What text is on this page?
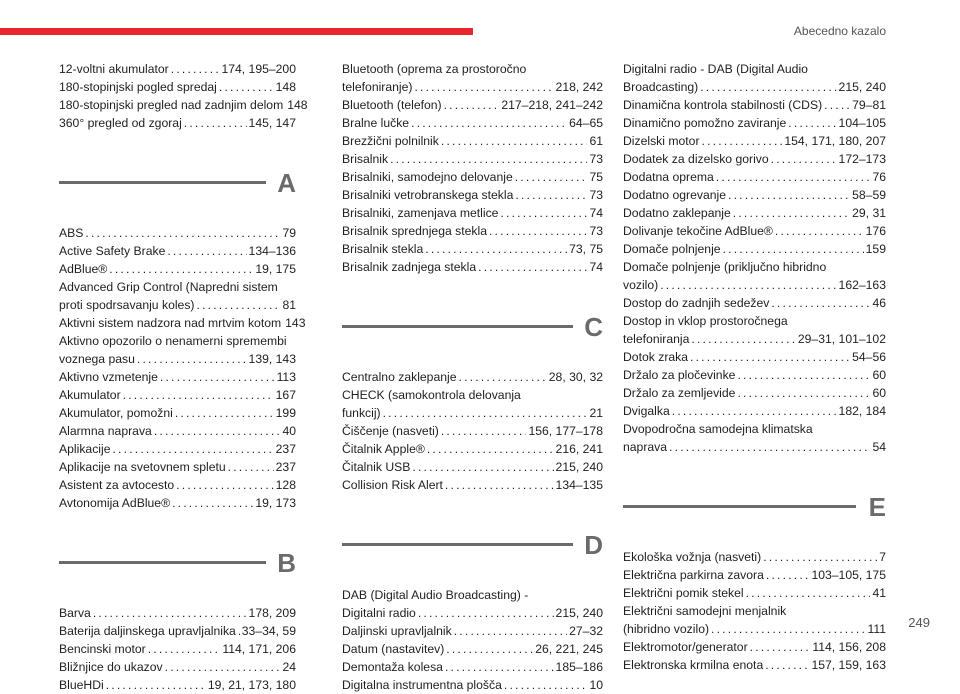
Abecedno kazalo
12-voltni akumulator . . .	174, 195–200
180-stopinjski pogled spredaj . . .	148
180-stopinjski pregled nad zadnjim delom 148
360° pregled od zgoraj . . .	145, 147
A
ABS . . .	79
Active Safety Brake . . .	134–136
AdBlue® . . .	19, 175
Advanced Grip Control (Napredni sistem
proti spodrsavanju koles) . . .	81
Aktivni sistem nadzora nad mrtvim kotom 143
Aktivno opozorilo o nenamerni spremembi
voznega pasu . . .	139, 143
Aktivno vzmetenje . . .	113
Akumulator . . .	167
Akumulator, pomožni . . .	199
Alarmna naprava . . .	40
Aplikacije . . .	237
Aplikacije na svetovnem spletu . . .	237
Asistent za avtocesto . . .	128
Avtonomija AdBlue® . . .	19, 173
B
Barva . . .	178, 209
Baterija daljinskega upravljalnika . . . 33–34, 59
Bencinski motor . . .	114, 171, 206
Bližnjice do ukazov . . .	24
BlueHDi . . .	19, 21, 173, 180
Bluetooth (oprema za prostoročno
telefoniranje) . . .	218, 242
Bluetooth (telefon) . . .	217–218, 241–242
Bralne lučke . . .	64–65
Brezžični polnilnik . . .	61
Brisalnik . . .	73
Brisalniki, samodejno delovanje . . .	75
Brisalniki vetrobranskega stekla . . .	73
Brisalniki, zamenjava metlice . . .	74
Brisalnik sprednjega stekla . . .	73
Brisalnik stekla . . .	73, 75
Brisalnik zadnjega stekla . . .	74
C
Centralno zaklepanje . . .	28, 30, 32
CHECK (samokontrola delovanja
funkcij) . . .	21
Čiščenje (nasveti) . . .	156, 177–178
Čitalnik Apple® . . .	216, 241
Čitalnik USB . . .	215, 240
Collision Risk Alert . . .	134–135
D
DAB (Digital Audio Broadcasting) -
Digitalni radio . . .	215, 240
Daljinski upravljalnik . . .	27–32
Datum (nastavitev) . . .	26, 221, 245
Demontaža kolesa . . .	185–186
Digitalna instrumentna plošča . . .	10
Digitalni radio - DAB (Digital Audio
Broadcasting) . . .	215, 240
Dinamična kontrola stabilnosti (CDS) . . . 79–81
Dinamično pomožno zaviranje . . .	104–105
Dizelski motor . . .	154, 171, 180, 207
Dodatek za dizelsko gorivo . . .	172–173
Dodatna oprema . . .	76
Dodatno ogrevanje . . .	58–59
Dodatno zaklepanje . . .	29, 31
Dolivanje tekočine AdBlue® . . .	176
Domače polnjenje . . .	159
Domače polnjenje (priključno hibridno
vozilo) . . .	162–163
Dostop do zadnjih sedežev . . .	46
Dostop in vklop prostoročnega
telefoniranja . . .	29–31, 101–102
Dotok zraka . . .	54–56
Držalo za pločevinke . . .	60
Držalo za zemljevide . . .	60
Dvigalka . . .	182, 184
Dvopodročna samodejna klimatska
naprava . . .	54
E
Ekološka vožnja (nasveti) . . .	7
Električna parkirna zavora . . .	103–105, 175
Električni pomik stekel . . .	41
Električni samodejni menjalnik
(hibridno vozilo) . . .	111
Elektromotor/generator . . .	114, 156, 208
Elektronska krmilna enota . . .	157, 159, 163
249
